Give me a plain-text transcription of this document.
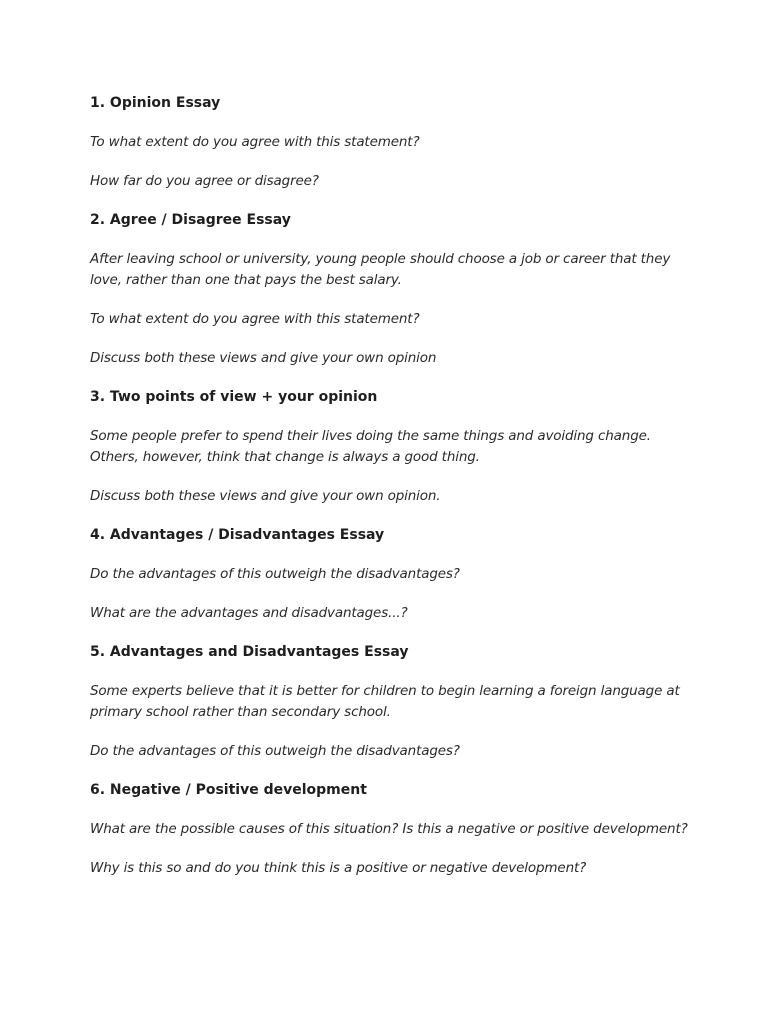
1. Opinion Essay

To what extent do you agree with this statement?

How far do you agree or disagree?

2. Agree / Disagree Essay

After leaving school or university, young people should choose a job or career that they love, rather than one that pays the best salary.

To what extent do you agree with this statement?

Discuss both these views and give your own opinion

3. Two points of view + your opinion

Some people prefer to spend their lives doing the same things and avoiding change. Others, however, think that change is always a good thing.

Discuss both these views and give your own opinion.

4. Advantages / Disadvantages Essay

Do the advantages of this outweigh the disadvantages?

What are the advantages and disadvantages...?

5. Advantages and Disadvantages Essay

Some experts believe that it is better for children to begin learning a foreign language at primary school rather than secondary school.

Do the advantages of this outweigh the disadvantages?

6. Negative / Positive development

What are the possible causes of this situation? Is this a negative or positive development?

Why is this so and do you think this is a positive or negative development?
